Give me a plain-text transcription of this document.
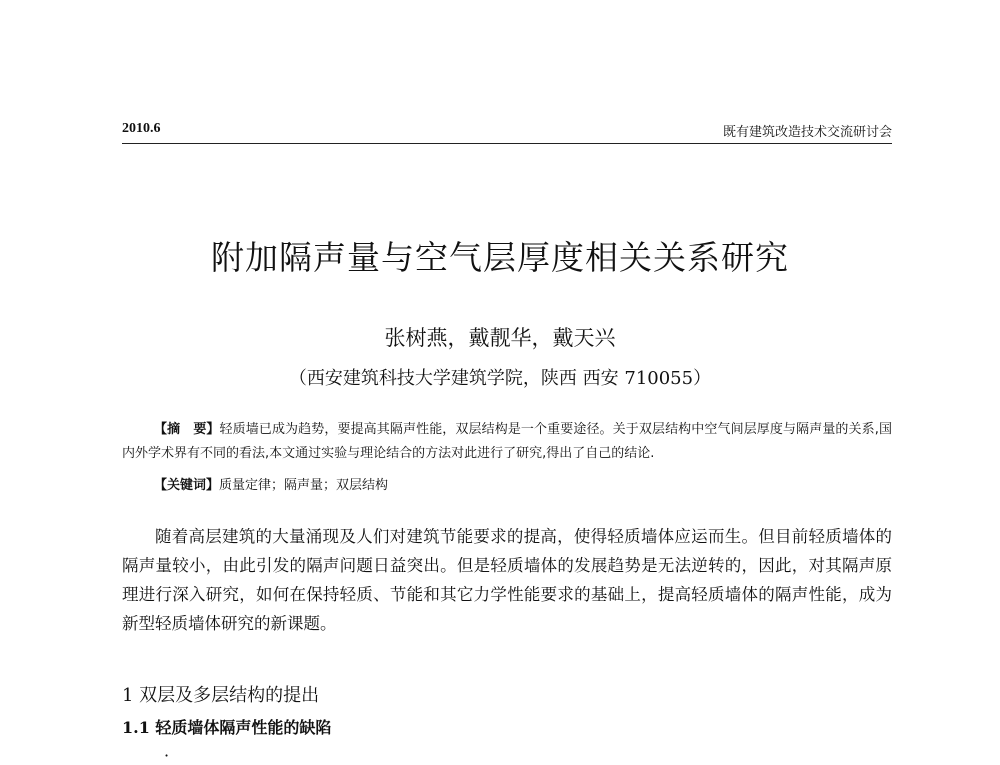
2010.6	既有建筑改造技术交流研讨会
附加隔声量与空气层厚度相关关系研究
张树燕，戴靓华，戴天兴
（西安建筑科技大学建筑学院，陕西 西安 710055）
【摘　要】轻质墙已成为趋势，要提高其隔声性能，双层结构是一个重要途径。关于双层结构中空气间层厚度与隔声量的关系,国内外学术界有不同的看法,本文通过实验与理论结合的方法对此进行了研究,得出了自己的结论.
【关键词】质量定律；隔声量；双层结构
随着高层建筑的大量涌现及人们对建筑节能要求的提高，使得轻质墙体应运而生。但目前轻质墙体的隔声量较小，由此引发的隔声问题日益突出。但是轻质墙体的发展趋势是无法逆转的，因此，对其隔声原理进行深入研究，如何在保持轻质、节能和其它力学性能要求的基础上，提高轻质墙体的隔声性能，成为新型轻质墙体研究的新课题。
1 双层及多层结构的提出
1.1 轻质墙体隔声性能的缺陷
·
